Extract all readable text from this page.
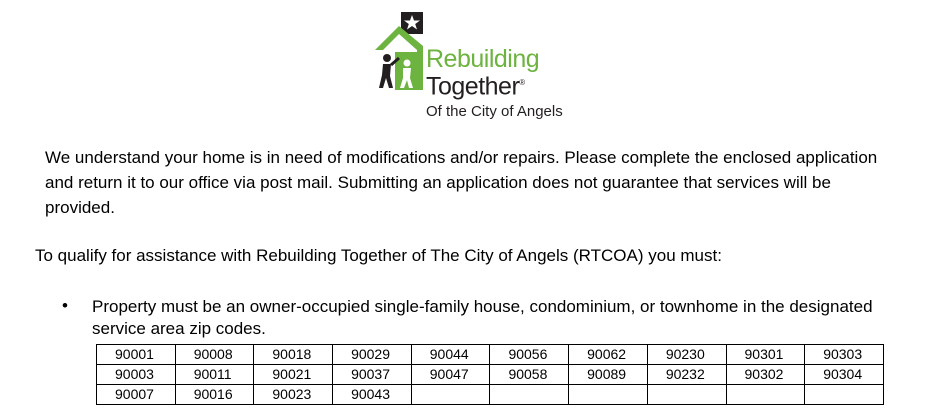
Rebuilding
Together®
Of the City of Angels
We understand your home is in need of modifications and/or repairs. Please complete the enclosed application and return it to our office via post mail. Submitting an application does not guarantee that services will be provided.
To qualify for assistance with Rebuilding Together of The City of Angels (RTCOA) you must:
• Property must be an owner-occupied single-family house, condominium, or townhome in the designated service area zip codes.
90001	90008	90018	90029	90044	90056	90062	90230	90301	90303
90003	90011	90021	90037	90047	90058	90089	90232	90302	90304
90007	90016	90023	90043						
